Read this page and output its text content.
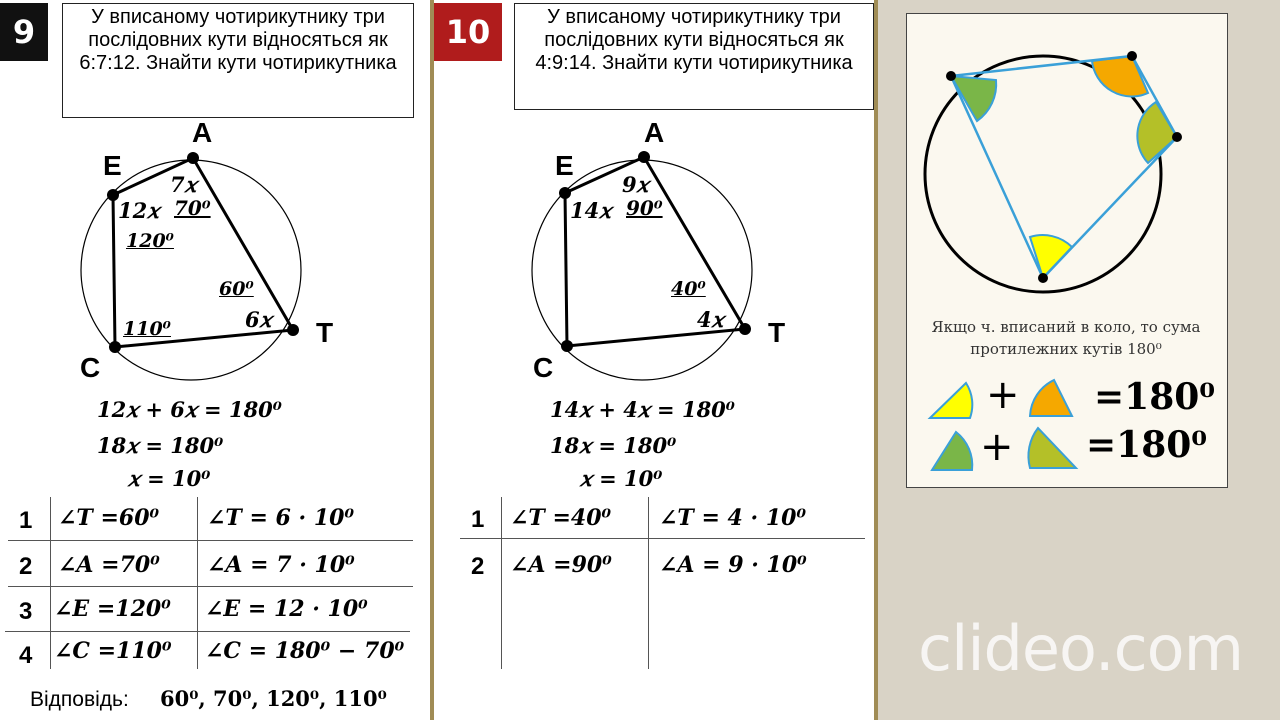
9	У вписаному чотирикутнику три послідовних кути відносяться як 6:7:12. Знайти кути чотирикутника
A
E
C
T
7𝑥
12𝑥 70⁰
120⁰
60⁰
6𝑥
110⁰
12𝑥 + 6𝑥 = 180⁰
18𝑥 = 180⁰
𝑥 = 10⁰
1 ∠𝑻 =60⁰ ∠𝑻 = 6 · 10⁰
2 ∠𝑨 =70⁰ ∠𝑨 = 7 · 10⁰
3 ∠𝑬 =120⁰ ∠𝑬 = 12 · 10⁰
4 ∠𝑪 =110⁰ ∠𝑪 = 180⁰ − 70⁰
Відповідь: 60⁰, 70⁰, 120⁰, 110⁰
10	У вписаному чотирикутнику три послідовних кути відносяться як 4:9:14. Знайти кути чотирикутника
A
E
C
T
9𝑥
14𝑥 90⁰
40⁰
4𝑥
14𝑥 + 4𝑥 = 180⁰
18𝑥 = 180⁰
𝑥 = 10⁰
1 ∠𝑻 =40⁰ ∠𝑻 = 4 · 10⁰
2 ∠𝑨 =90⁰ ∠𝑨 = 9 · 10⁰
Якщо ч. вписаний в коло, то сума протилежних кутів 180⁰
+ =180⁰
+ =180⁰
clideo.com
